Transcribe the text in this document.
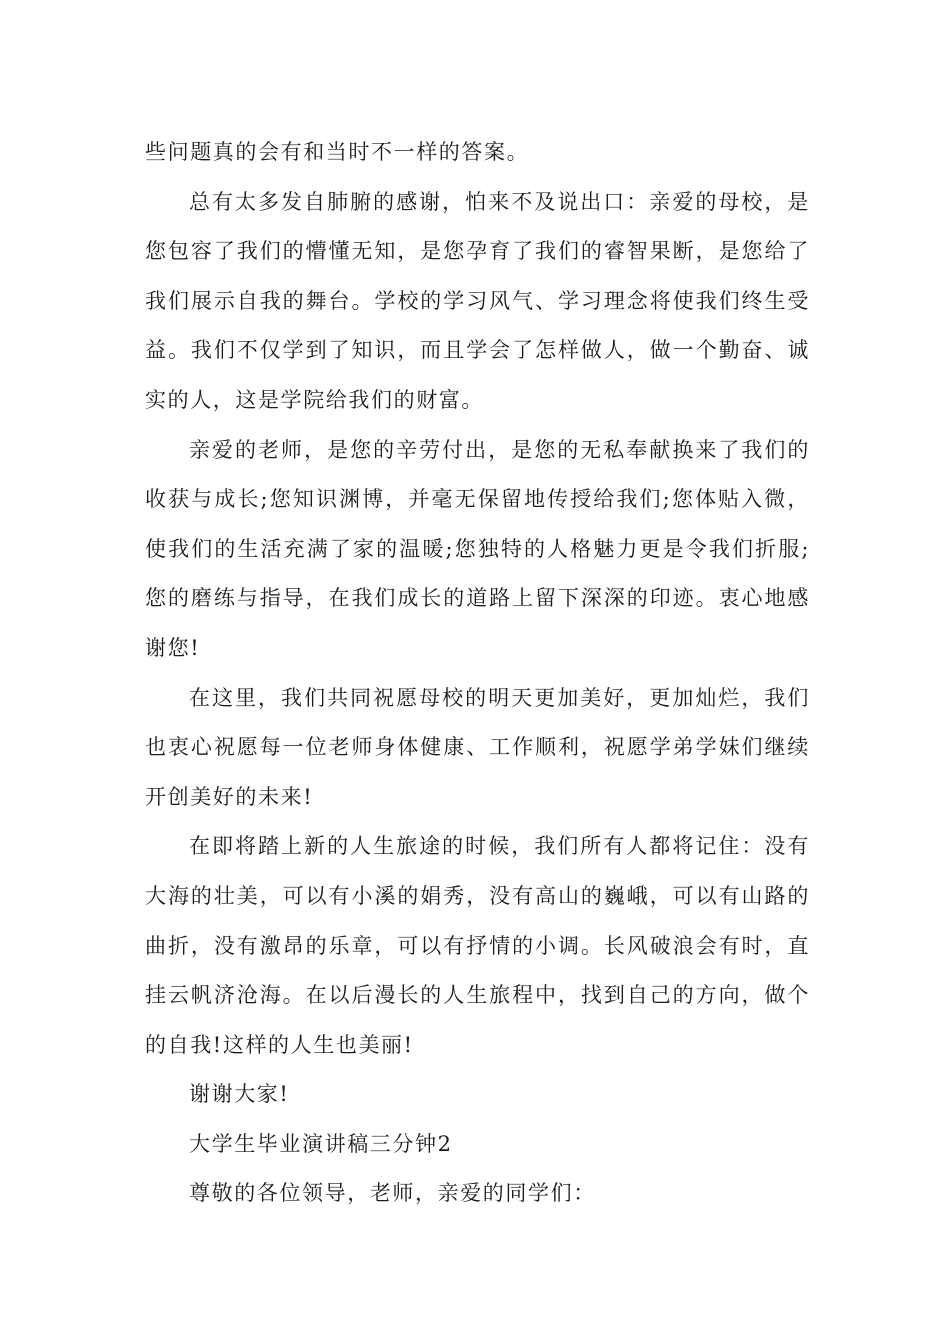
些问题真的会有和当时不一样的答案。

总有太多发自肺腑的感谢，怕来不及说出口：亲爱的母校，是您包容了我们的懵懂无知，是您孕育了我们的睿智果断，是您给了我们展示自我的舞台。学校的学习风气、学习理念将使我们终生受益。我们不仅学到了知识，而且学会了怎样做人，做一个勤奋、诚实的人，这是学院给我们的财富。

亲爱的老师，是您的辛劳付出，是您的无私奉献换来了我们的收获与成长;您知识渊博，并毫无保留地传授给我们;您体贴入微，使我们的生活充满了家的温暖;您独特的人格魅力更是令我们折服;您的磨练与指导，在我们成长的道路上留下深深的印迹。衷心地感谢您!

在这里，我们共同祝愿母校的明天更加美好，更加灿烂，我们也衷心祝愿每一位老师身体健康、工作顺利，祝愿学弟学妹们继续开创美好的未来!

在即将踏上新的人生旅途的时候，我们所有人都将记住：没有大海的壮美，可以有小溪的娟秀，没有高山的巍峨，可以有山路的曲折，没有激昂的乐章，可以有抒情的小调。长风破浪会有时，直挂云帆济沧海。在以后漫长的人生旅程中，找到自己的方向，做个的自我!这样的人生也美丽!

谢谢大家!

大学生毕业演讲稿三分钟2

尊敬的各位领导，老师，亲爱的同学们：
